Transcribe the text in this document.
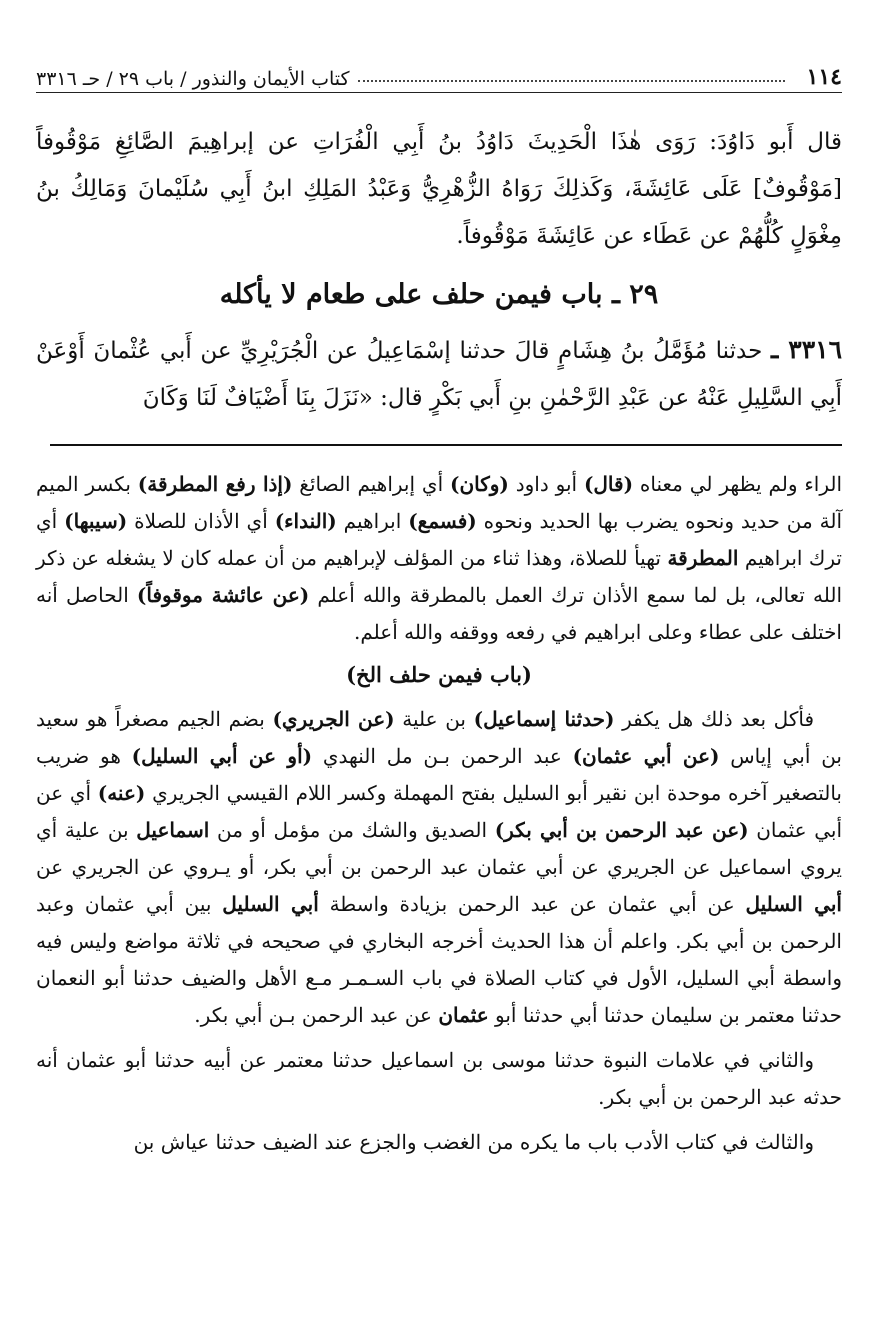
١١٤
كتاب الأيمان والنذور / باب ٢٩ / حـ ٣٣١٦
قال أَبو دَاوُدَ: رَوَى هٰذَا الْحَدِيثَ دَاوُدُ بنُ أَبِي الْفُرَاتِ عن إبراهِيمَ الصَّائِغِ مَوْقُوفاً [مَوْقُوفٌ] عَلَى عَائِشَةَ، وَكَذلِكَ رَوَاهُ الزُّهْرِيُّ وَعَبْدُ المَلِكِ ابنُ أَبِي سُلَيْمانَ وَمَالِكُ بنُ مِغْوَلٍ كُلُّهُمْ عن عَطَاء عن عَائِشَةَ مَوْقُوفاً.
٢٩ ـ باب فيمن حلف على طعام لا يأكله
٣٣١٦ ـ حدثنا مُؤَمَّلُ بنُ هِشَامٍ قالَ حدثنا إسْمَاعِيلُ عن الْجُرَيْرِيِّ عن أَبي عُثْمانَ أَوْعَنْ أَبِي السَّلِيلِ عَنْهُ عن عَبْدِ الرَّحْمٰنِ بنِ أَبي بَكْرٍ قال: «نَزَلَ بِنَا أَضْيَافٌ لَنَا وَكَانَ

الراء ولم يظهر لي معناه (قال) أبو داود (وكان) أي إبراهيم الصائغ (إذا رفع المطرقة) بكسر الميم آلة من حديد ونحوه يضرب بها الحديد ونحوه (فسمع) ابراهيم (النداء) أي الأذان للصلاة (سيبها) أي ترك ابراهيم المطرقة تهيأ للصلاة، وهذا ثناء من المؤلف لإبراهيم من أن عمله كان لا يشغله عن ذكر الله تعالى، بل لما سمع الأذان ترك العمل بالمطرقة والله أعلم (عن عائشة موقوفاً) الحاصل أنه اختلف على عطاء وعلى ابراهيم في رفعه ووقفه والله أعلم.

(باب فيمن حلف الخ)

فأكل بعد ذلك هل يكفر (حدثنا إسماعيل) بن علية (عن الجريري) بضم الجيم مصغراً هو سعيد بن أبي إياس (عن أبي عثمان) عبد الرحمن بـن مل النهدي (أو عن أبي السليل) هو ضريب بالتصغير آخره موحدة ابن نقير أبو السليل بفتح المهملة وكسر اللام القيسي الجريري (عنه) أي عن أبي عثمان (عن عبد الرحمن بن أبي بكر) الصديق والشك من مؤمل أو من اسماعيل بن علية أي يروي اسماعيل عن الجريري عن أبي عثمان عبد الرحمن بن أبي بكر، أو يـروي عن الجريري عن أبي السليل عن أبي عثمان عن عبد الرحمن بزيادة واسطة أبي السليل بين أبي عثمان وعبد الرحمن بن أبي بكر. واعلم أن هذا الحديث أخرجه البخاري في صحيحه في ثلاثة مواضع وليس فيه واسطة أبي السليل، الأول في كتاب الصلاة في باب السـمـر مـع الأهل والضيف حدثنا أبو النعمان حدثنا معتمر بن سليمان حدثنا أبي حدثنا أبو عثمان عن عبد الرحمن بـن أبي بكر.

والثاني في علامات النبوة حدثنا موسى بن اسماعيل حدثنا معتمر عن أبيه حدثنا أبو عثمان أنه حدثه عبد الرحمن بن أبي بكر.

والثالث في كتاب الأدب باب ما يكره من الغضب والجزع عند الضيف حدثنا عياش بن
